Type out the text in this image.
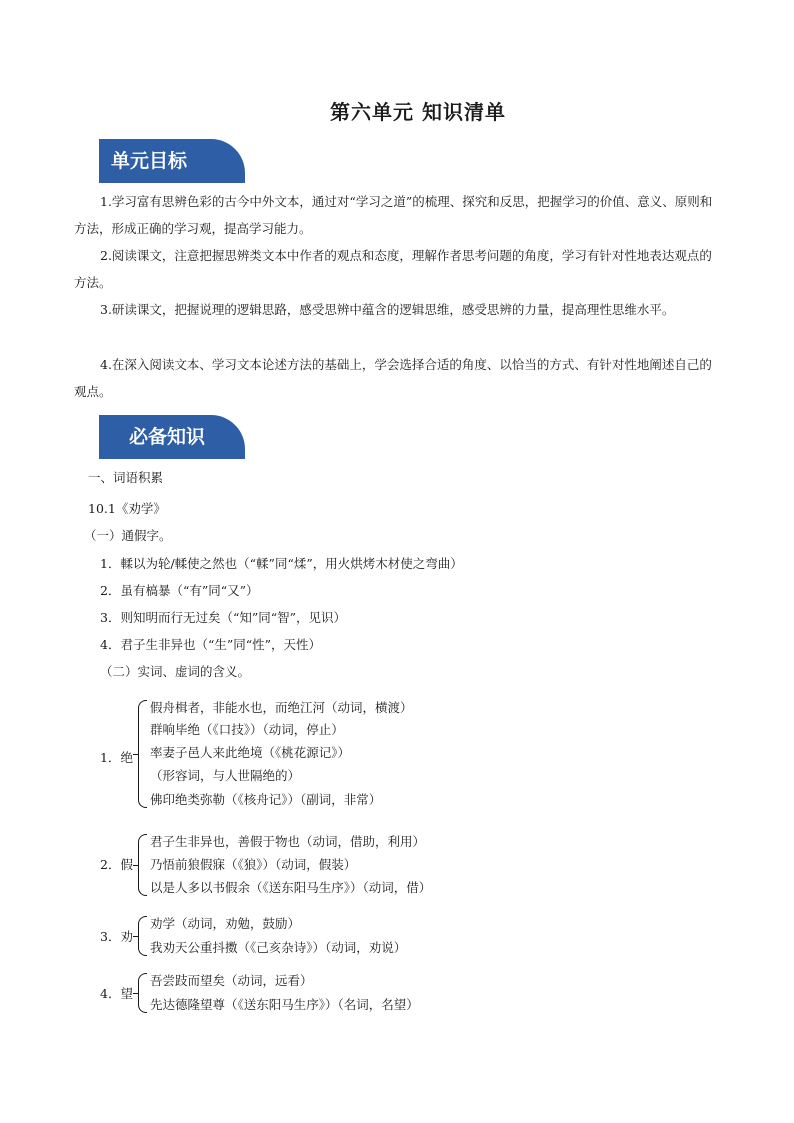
第六单元 知识清单
单元目标
1.学习富有思辨色彩的古今中外文本，通过对“学习之道”的梳理、探究和反思，把握学习的价值、意义、原则和方法，形成正确的学习观，提高学习能力。
2.阅读课文，注意把握思辨类文本中作者的观点和态度，理解作者思考问题的角度，学习有针对性地表达观点的方法。
3.研读课文，把握说理的逻辑思路，感受思辨中蕴含的逻辑思维，感受思辨的力量，提高理性思维水平。
4.在深入阅读文本、学习文本论述方法的基础上，学会选择合适的角度、以恰当的方式、有针对性地阐述自己的观点。
必备知识
一、词语积累
10.1《劝学》
（一）通假字。
1．輮以为轮/輮使之然也（“輮”同“煣”，用火烘烤木材使之弯曲）
2．虽有槁暴（“有”同“又”）
3．则知明而行无过矣（“知”同“智”，见识）
4．君子生非异也（“生”同“性”，天性）
（二）实词、虚词的含义。
1．绝
假舟楫者，非能水也，而绝江河（动词，横渡）
群响毕绝（《口技》）（动词，停止）
率妻子邑人来此绝境（《桃花源记》）
（形容词，与人世隔绝的）
佛印绝类弥勒（《核舟记》）（副词，非常）
2．假
君子生非异也，善假于物也（动词，借助，利用）
乃悟前狼假寐（《狼》）（动词，假装）
以是人多以书假余（《送东阳马生序》）（动词，借）
3．劝
劝学（动词，劝勉，鼓励）
我劝天公重抖擞（《己亥杂诗》）（动词，劝说）
4．望
吾尝跂而望矣（动词，远看）
先达德隆望尊（《送东阳马生序》）（名词，名望）
